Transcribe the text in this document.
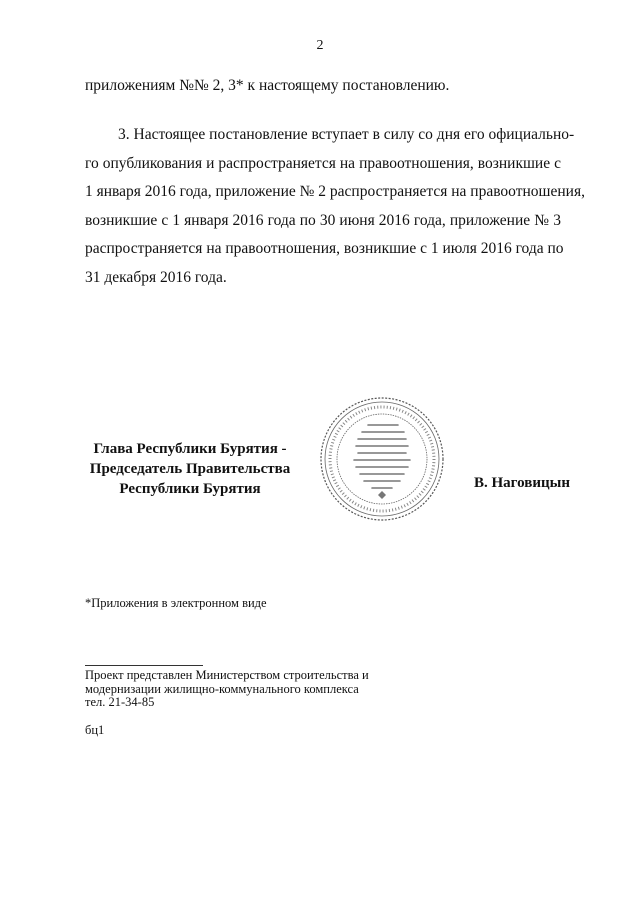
2
приложениям №№ 2, 3* к настоящему постановлению.
3. Настоящее постановление вступает в силу со дня его официально-
го опубликования и распространяется на правоотношения, возникшие с
1 января 2016 года, приложение № 2 распространяется на правоотношения,
возникшие с 1 января 2016 года по 30 июня 2016 года, приложение № 3
распространяется на правоотношения, возникшие с 1 июля 2016 года по
31 декабря 2016 года.
Глава Республики Бурятия -
Председатель Правительства
Республики Бурятия	В. Наговицын
*Приложения в электронном виде
Проект представлен Министерством строительства и
модернизации жилищно-коммунального комплекса
тел. 21-34-85
бц1
